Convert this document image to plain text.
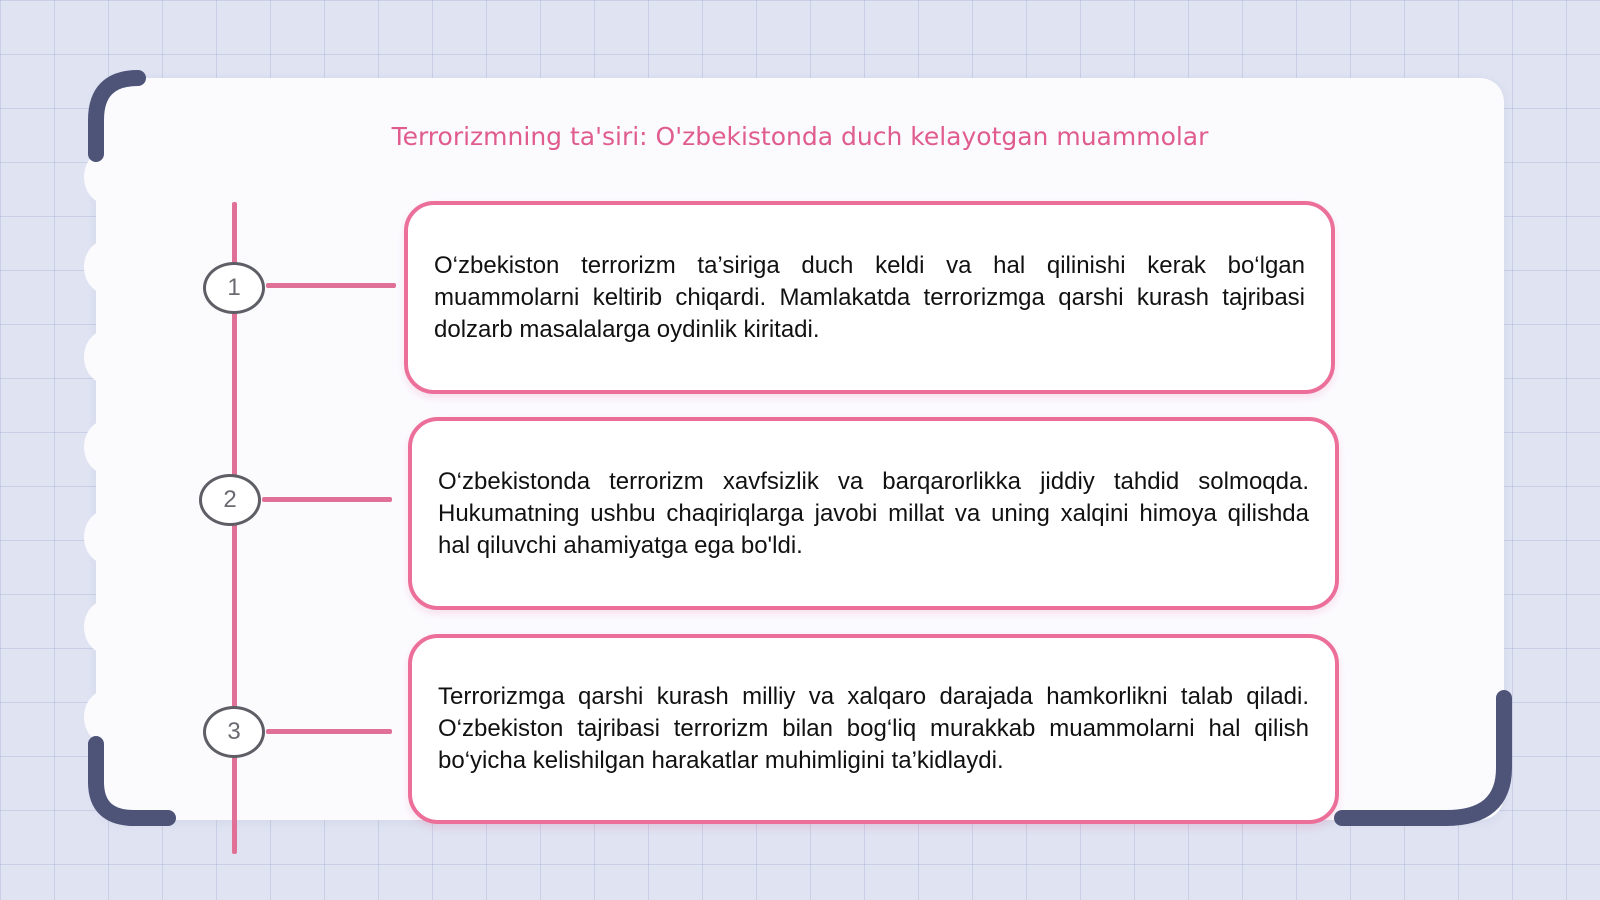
Terrorizmning ta'siri: O'zbekistonda duch kelayotgan muammolar
1
2
3

O‘zbekiston terrorizm ta’siriga duch keldi va hal qilinishi kerak bo‘lgan muammolarni keltirib chiqardi. Mamlakatda terrorizmga qarshi kurash tajribasi dolzarb masalalarga oydinlik kiritadi.

O‘zbekistonda terrorizm xavfsizlik va barqarorlikka jiddiy tahdid solmoqda. Hukumatning ushbu chaqiriqlarga javobi millat va uning xalqini himoya qilishda hal qiluvchi ahamiyatga ega bo'ldi.

Terrorizmga qarshi kurash milliy va xalqaro darajada hamkorlikni talab qiladi. O‘zbekiston tajribasi terrorizm bilan bog‘liq murakkab muammolarni hal qilish bo‘yicha kelishilgan harakatlar muhimligini ta’kidlaydi.
